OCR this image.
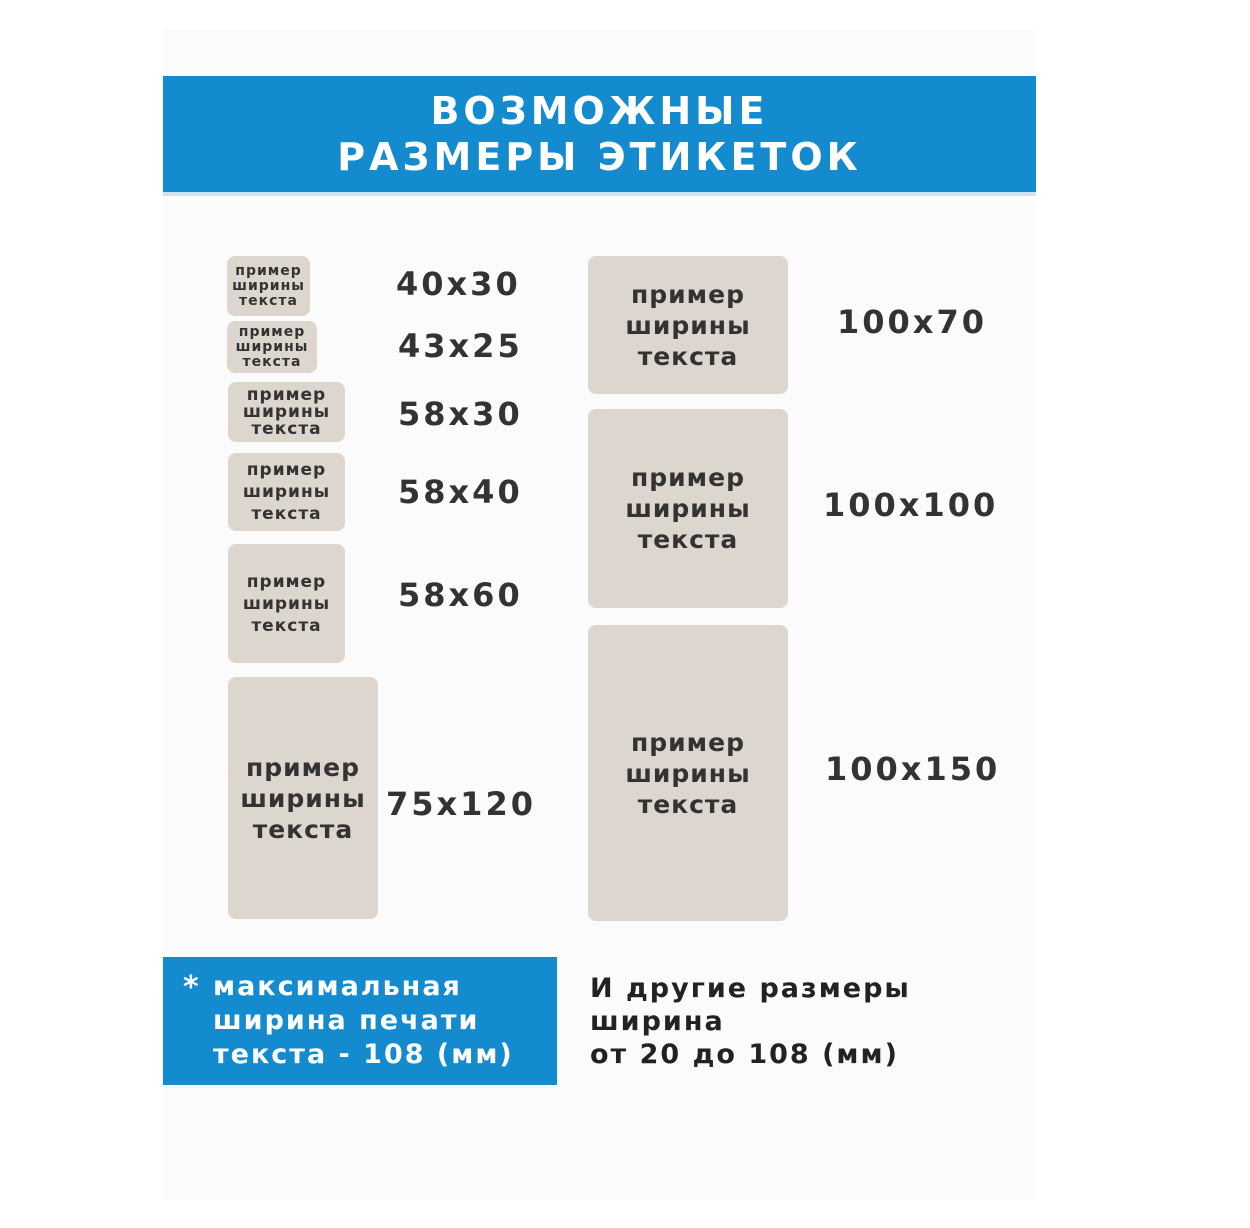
ВОЗМОЖНЫЕ
РАЗМЕРЫ ЭТИКЕТОК
пример
ширины
текста	40x30
пример
ширины
текста	43x25
пример
ширины
текста 58x30
пример
ширины
текста
58x40
пример
ширины
текста
58x60
пример
ширины
текста
75x120
пример
ширины
текста
100x70
пример
ширины
текста
100x100
пример
ширины
текста
100x150
* максимальная
ширина печати
текста - 108 (мм)
И другие размеры
ширина
от 20 до 108 (мм)
